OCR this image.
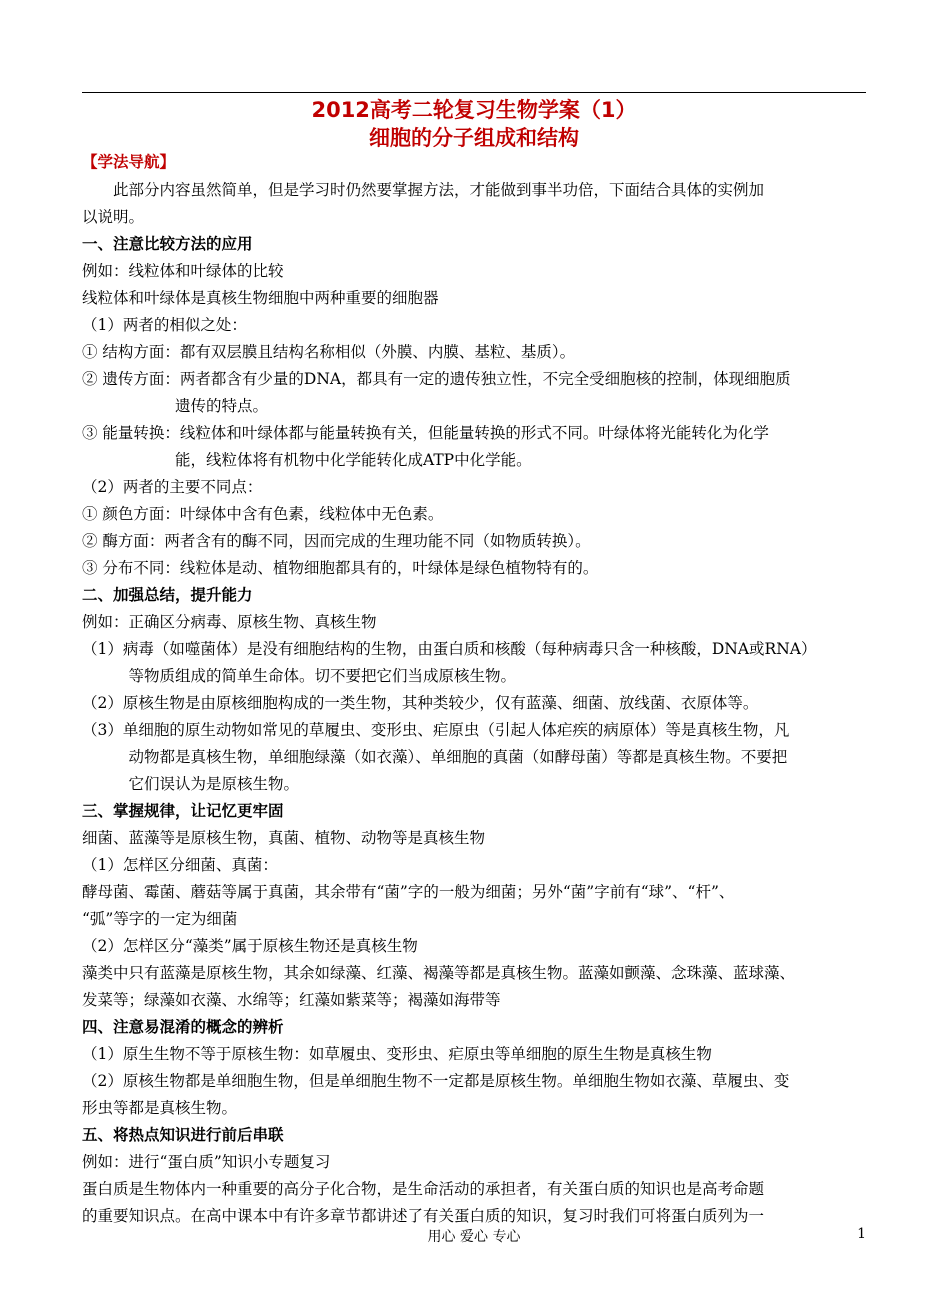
2012高考二轮复习生物学案（1）
细胞的分子组成和结构
【学法导航】
　　此部分内容虽然简单，但是学习时仍然要掌握方法，才能做到事半功倍，下面结合具体的实例加
以说明。
一、注意比较方法的应用
例如：线粒体和叶绿体的比较
线粒体和叶绿体是真核生物细胞中两种重要的细胞器
（1）两者的相似之处：
① 结构方面：都有双层膜且结构名称相似（外膜、内膜、基粒、基质）。
② 遗传方面：两者都含有少量的DNA，都具有一定的遗传独立性，不完全受细胞核的控制，体现细胞质
　　　　　　遗传的特点。
③ 能量转换：线粒体和叶绿体都与能量转换有关，但能量转换的形式不同。叶绿体将光能转化为化学
　　　　　　能，线粒体将有机物中化学能转化成ATP中化学能。
（2）两者的主要不同点：
① 颜色方面：叶绿体中含有色素，线粒体中无色素。
② 酶方面：两者含有的酶不同，因而完成的生理功能不同（如物质转换）。
③ 分布不同：线粒体是动、植物细胞都具有的，叶绿体是绿色植物特有的。
二、加强总结，提升能力
例如：正确区分病毒、原核生物、真核生物
（1）病毒（如噬菌体）是没有细胞结构的生物，由蛋白质和核酸（每种病毒只含一种核酸，DNA或RNA）
　　　等物质组成的简单生命体。切不要把它们当成原核生物。
（2）原核生物是由原核细胞构成的一类生物，其种类较少，仅有蓝藻、细菌、放线菌、衣原体等。
（3）单细胞的原生动物如常见的草履虫、变形虫、疟原虫（引起人体疟疾的病原体）等是真核生物，凡
　　　动物都是真核生物，单细胞绿藻（如衣藻）、单细胞的真菌（如酵母菌）等都是真核生物。不要把
　　　它们误认为是原核生物。
三、掌握规律，让记忆更牢固
细菌、蓝藻等是原核生物，真菌、植物、动物等是真核生物
（1）怎样区分细菌、真菌：
酵母菌、霉菌、蘑菇等属于真菌，其余带有“菌”字的一般为细菌；另外“菌”字前有“球”、“杆”、
“弧”等字的一定为细菌
（2）怎样区分“藻类”属于原核生物还是真核生物
藻类中只有蓝藻是原核生物，其余如绿藻、红藻、褐藻等都是真核生物。蓝藻如颤藻、念珠藻、蓝球藻、
发菜等；绿藻如衣藻、水绵等；红藻如紫菜等；褐藻如海带等
四、注意易混淆的概念的辨析
（1）原生生物不等于原核生物：如草履虫、变形虫、疟原虫等单细胞的原生生物是真核生物
（2）原核生物都是单细胞生物，但是单细胞生物不一定都是原核生物。单细胞生物如衣藻、草履虫、变
形虫等都是真核生物。
五、将热点知识进行前后串联
例如：进行“蛋白质”知识小专题复习
蛋白质是生物体内一种重要的高分子化合物，是生命活动的承担者，有关蛋白质的知识也是高考命题
的重要知识点。在高中课本中有许多章节都讲述了有关蛋白质的知识，复习时我们可将蛋白质列为一
用心 爱心 专心	1
